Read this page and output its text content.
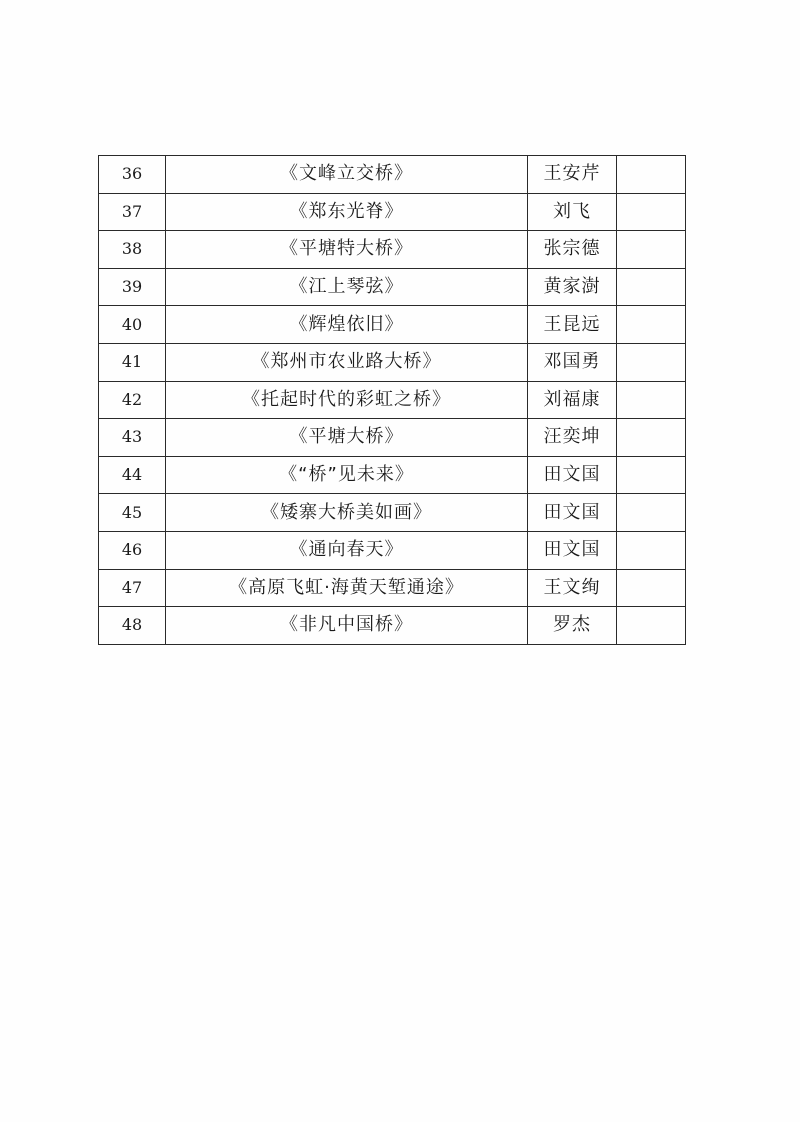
36	《文峰立交桥》	王安芹	
37	《郑东光脊》	刘飞	
38	《平塘特大桥》	张宗德	
39	《江上琴弦》	黄家澍	
40	《辉煌依旧》	王昆远	
41	《郑州市农业路大桥》	邓国勇	
42	《托起时代的彩虹之桥》	刘福康	
43	《平塘大桥》	汪奕坤	
44	《“桥”见未来》	田文国	
45	《矮寨大桥美如画》	田文国	
46	《通向春天》	田文国	
47	《高原飞虹·海黄天堑通途》	王文绚	
48	《非凡中国桥》	罗杰	
